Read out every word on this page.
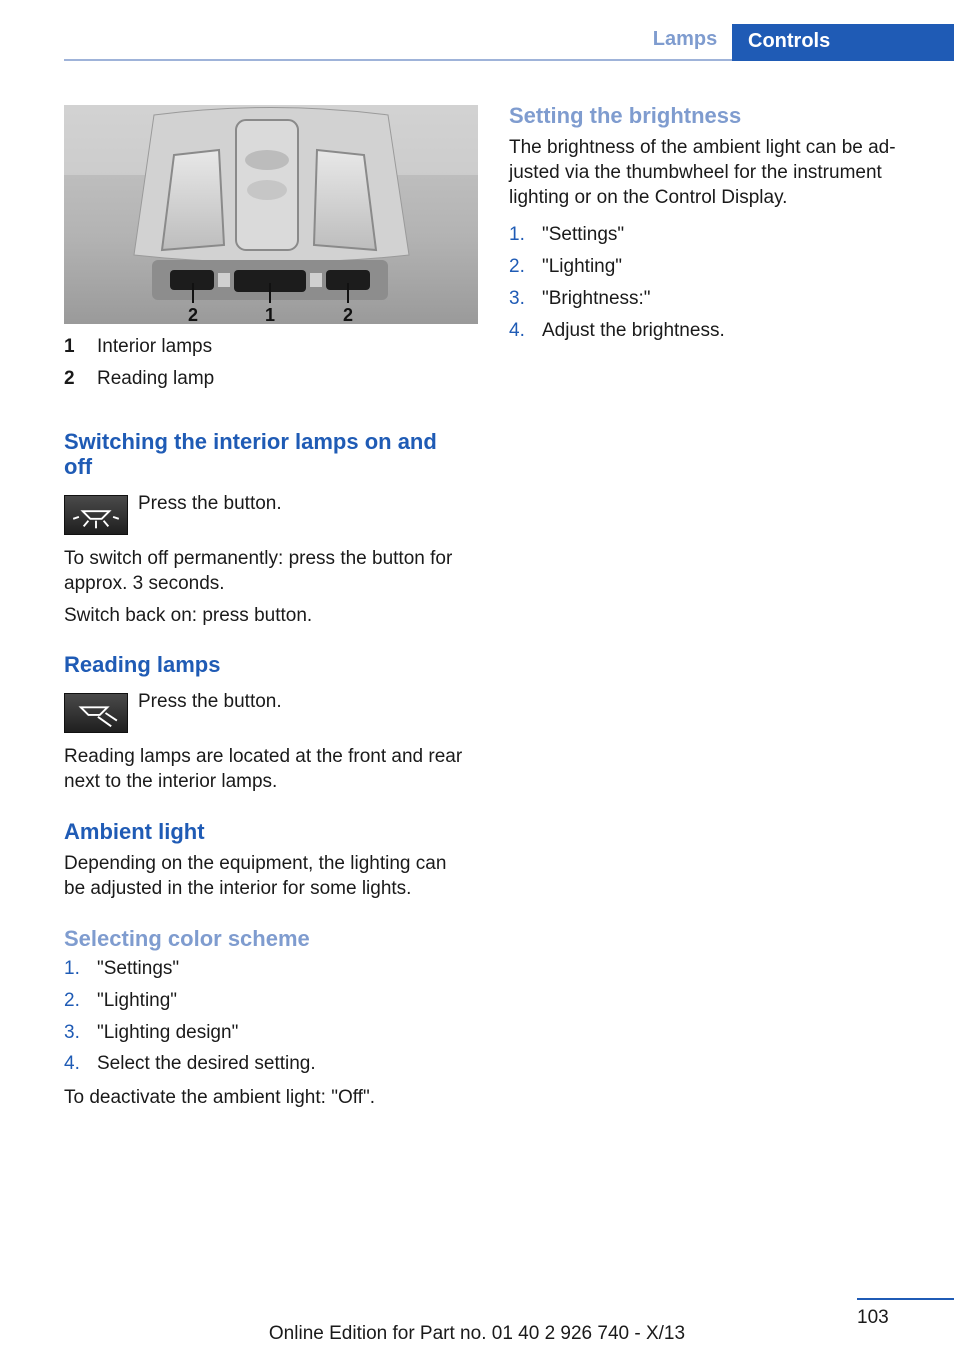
Lamps	Controls
2	1	2
1 Interior lamps
2 Reading lamp
Switching the interior lamps on and
off

Press the button.

To switch off permanently: press the button for
approx. 3 seconds.

Switch back on: press button.

Reading lamps

Press the button.

Reading lamps are located at the front and rear
next to the interior lamps.

Ambient light

Depending on the equipment, the lighting can
be adjusted in the interior for some lights.

Selecting color scheme
1. "Settings"
2. "Lighting"
3. "Lighting design"
4. Select the desired setting.

To deactivate the ambient light: "Off".

Setting the brightness

The brightness of the ambient light can be ad‐
justed via the thumbwheel for the instrument
lighting or on the Control Display.

1. "Settings"
2. "Lighting"
3. "Brightness:"
4. Adjust the brightness.
103
Online Edition for Part no. 01 40 2 926 740 - X/13
